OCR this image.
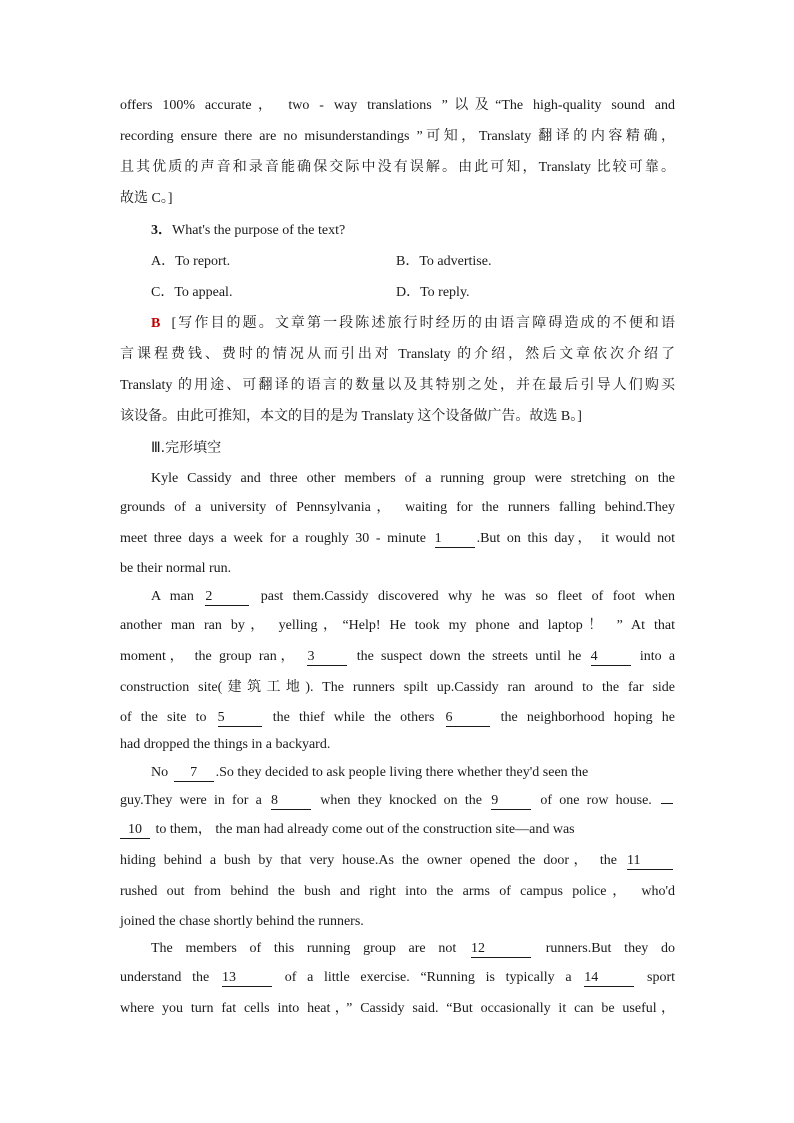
offers 100% accurate， two - way translations ”以及“The high-quality sound and
recording ensure there are no misunderstandings ”可知，Translaty 翻译的内容精确，
且其优质的声音和录音能确保交际中没有误解。由此可知，Translaty 比较可靠。
故选 C。]
3．What's the purpose of the text?
A．To report.	B．To advertise.
C．To appeal.	D．To reply.
B [写作目的题。文章第一段陈述旅行时经历的由语言障碍造成的不便和语
言课程费钱、费时的情况从而引出对 Translaty 的介绍，然后文章依次介绍了
Translaty 的用途、可翻译的语言的数量以及其特别之处，并在最后引导人们购买
该设备。由此可推知，本文的目的是为 Translaty 这个设备做广告。故选 B。]
Ⅲ.完形填空
Kyle Cassidy and three other members of a running group were stretching on the
grounds of a university of Pennsylvania， waiting for the runners falling behind.They
meet three days a week for a roughly 30 - minute 1	.But on this day， it would not
be their normal run.
A man 2	past them.Cassidy discovered why he was so fleet of foot when
another man ran by， yelling，“Help! He took my phone and laptop！ ” At that
moment， the group ran， 3	the suspect down the streets until he 4	into a
construction site(建筑工地). The runners spilt up.Cassidy ran around to the far side
of the site to 5	the thief while the others 6	the neighborhood hoping he
had dropped the things in a backyard.
No 7 .So they decided to ask people living there whether they'd seen the
guy.They were in for a 8	when they knocked on the 9	of one row house.
10 to them， the man had already come out of the construction site—and was
hiding behind a bush by that very house.As the owner opened the door， the 11
rushed out from behind the bush and right into the arms of campus police， who'd
joined the chase shortly behind the runners.
The members of this running group are not 12	runners.But they do
understand the 13	of a little exercise. “Running is typically a 14	sport
where you turn fat cells into heat，” Cassidy said. “But occasionally it can be useful，
